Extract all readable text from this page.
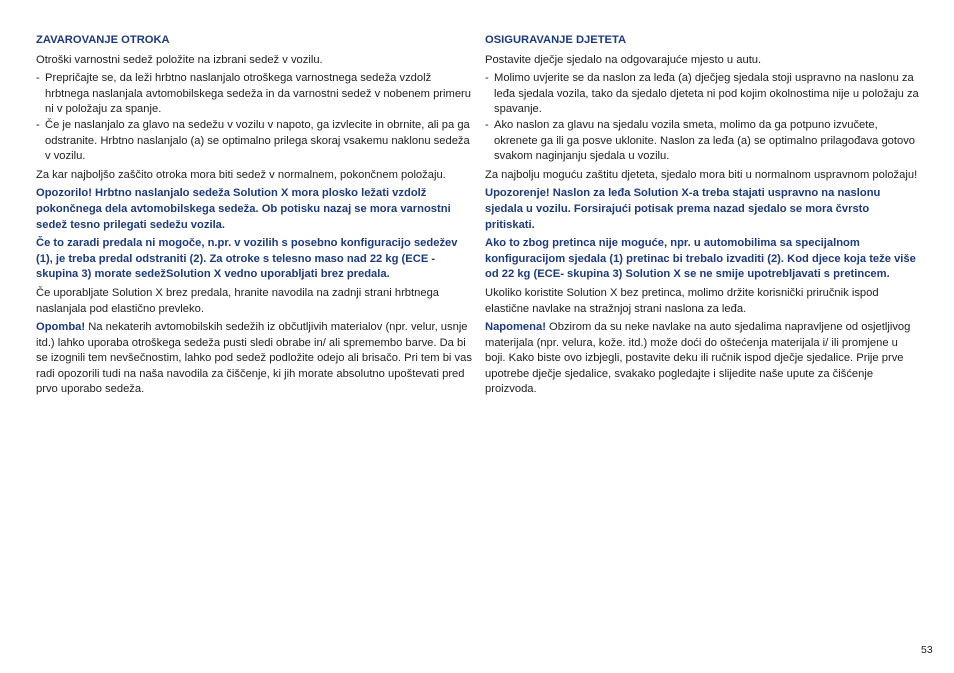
ZAVAROVANJE OTROKA

Otroški varnostni sedež položite na izbrani sedež v vozilu.

- Prepričajte se, da leži hrbtno naslanjalo otroškega varnostnega sedeža vzdolž hrbtnega naslanjala avtomobilskega sedeža in da varnostni sedež v nobenem primeru ni v položaju za spanje.
- Če je naslanjalo za glavo na sedežu v vozilu v napoto, ga izvlecite in obrnite, ali pa ga odstranite. Hrbtno naslanjalo (a) se optimalno prilega skoraj vsakemu naklonu sedeža v vozilu.

Za kar najboljšo zaščito otroka mora biti sedež v normalnem, pokončnem položaju.

Opozorilo! Hrbtno naslanjalo sedeža Solution X mora plosko ležati vzdolž pokončnega dela avtomobilskega sedeža. Ob potisku nazaj se mora varnostni sedež tesno prilegati sedežu vozila.

Če to zaradi predala ni mogoče, n.pr. v vozilih s posebno konfiguracijo sedežev (1), je treba predal odstraniti (2). Za otroke s telesno maso nad 22 kg (ECE - skupina 3) morate sedežSolution X vedno uporabljati brez predala.

Če uporabljate Solution X brez predala, hranite navodila na zadnji strani hrbtnega naslanjala pod elastično prevleko.

Opomba! Na nekaterih avtomobilskih sedežih iz občutljivih materialov (npr. velur, usnje itd.) lahko uporaba otroškega sedeža pusti sledi obrabe in/ ali spremembo barve. Da bi se izognili tem nevšečnostim, lahko pod sedež podložite odejo ali brisačo. Pri tem bi vas radi opozorili tudi na naša navodila za čiščenje, ki jih morate absolutno upoštevati pred prvo uporabo sedeža.

OSIGURAVANJE DJETETA

Postavite dječje sjedalo na odgovarajuće mjesto u autu.

- Molimo uvjerite se da naslon za leđa (a) dječjeg sjedala stoji uspravno na naslonu za leđa sjedala vozila, tako da sjedalo djeteta ni pod kojim okolnostima nije u položaju za spavanje.
- Ako naslon za glavu na sjedalu vozila smeta, molimo da ga potpuno izvučete, okrenete ga ili ga posve uklonite. Naslon za leđa (a) se optimalno prilagođava gotovo svakom naginjanju sjedala u vozilu.

Za najbolju moguću zaštitu djeteta, sjedalo mora biti u normalnom uspravnom položaju!

Upozorenje! Naslon za leđa Solution X-a treba stajati uspravno na naslonu sjedala u vozilu. Forsirajući potisak prema nazad sjedalo se mora čvrsto pritiskati.

Ako to zbog pretinca nije moguće, npr. u automobilima sa specijalnom konfiguracijom sjedala (1) pretinac bi trebalo izvaditi (2). Kod djece koja teže više od 22 kg (ECE- skupina 3) Solution X se ne smije upotrebljavati s pretincem.

Ukoliko koristite Solution X bez pretinca, molimo držite korisnički priručnik ispod elastične navlake na stražnjoj strani naslona za leđa.

Napomena! Obzirom da su neke navlake na auto sjedalima napravljene od osjetljivog materijala (npr. velura, kože. itd.) može doći do oštećenja materijala i/ ili promjene u boji. Kako biste ovo izbjegli, postavite deku ili ručnik ispod dječje sjedalice. Prije prve upotrebe dječje sjedalice, svakako pogledajte i slijedite naše upute za čišćenje proizvoda.

53
